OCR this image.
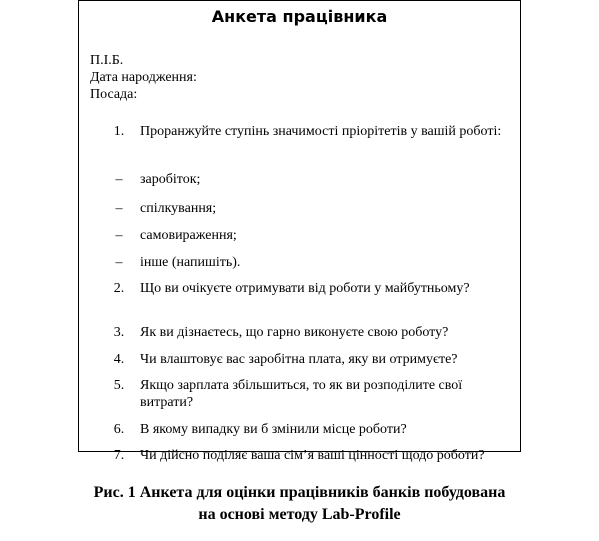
Анкета працівника
П.І.Б.
Дата народження:
Посада:
1. Проранжуйте ступінь значимості пріорітетів у вашій роботі:
– заробіток;
– спілкування;
– самовираження;
– інше (напишіть).
2. Що ви очікуєте отримувати від роботи у майбутньому?
3. Як ви дізнаєтесь, що гарно виконуєте свою роботу?
4. Чи влаштовує вас заробітна плата, яку ви отримуєте?
5. Якщо зарплата збільшиться, то як ви розподілите свої витрати?
6. В якому випадку ви б змінили місце роботи?
7. Чи дійсно поділяє ваша сім’я ваші цінності щодо роботи?
Рис. 1 Анкета для оцінки працівників банків побудована
на основі методу Lab-Profile
